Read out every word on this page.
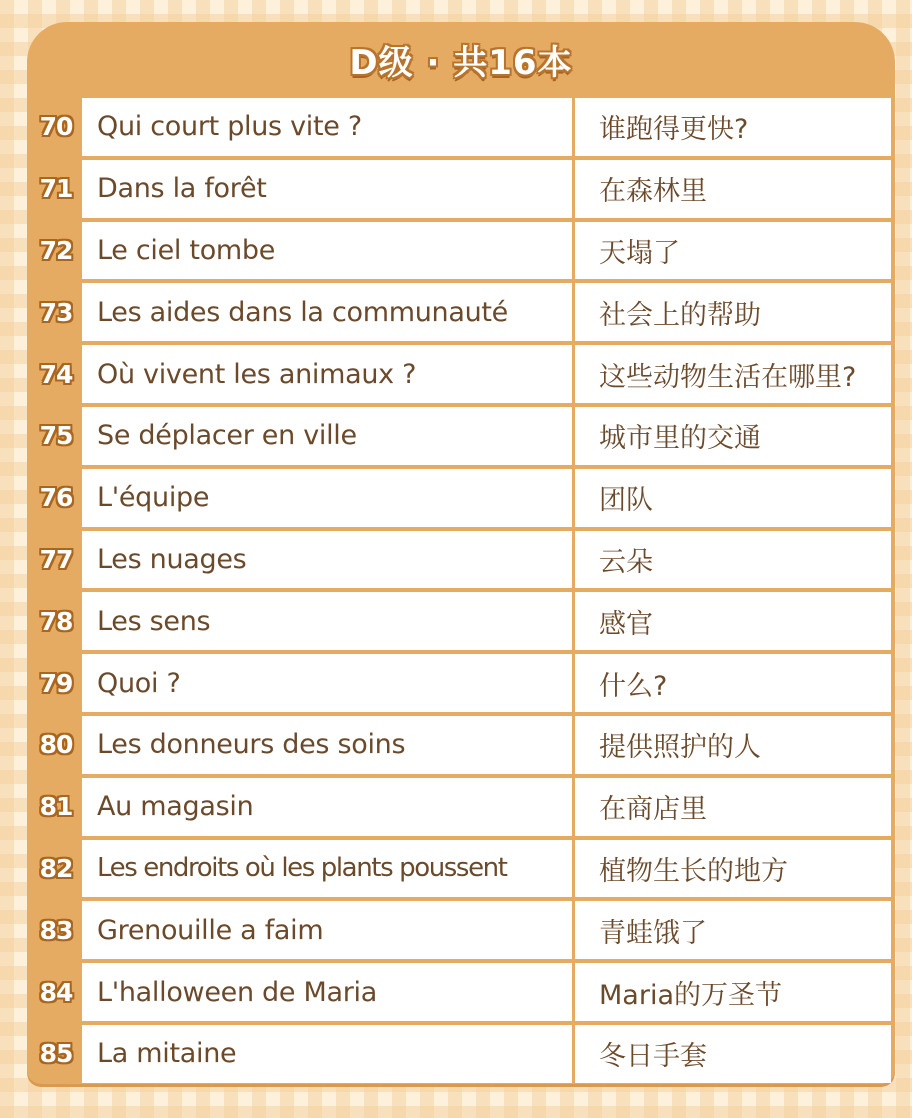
D级 · 共16本
70 Qui court plus vite ?	谁跑得更快?
71 Dans la forêt	在森林里
72 Le ciel tombe	天塌了
73 Les aides dans la communauté	社会上的帮助
74 Où vivent les animaux ?	这些动物生活在哪里?
75 Se déplacer en ville	城市里的交通
76 L'équipe	团队
77 Les nuages	云朵
78 Les sens	感官
79 Quoi ?	什么?
80 Les donneurs des soins	提供照护的人
81 Au magasin	在商店里
82 Les endroits où les plants poussent	植物生长的地方
83 Grenouille a faim	青蛙饿了
84 L'halloween de Maria	Maria的万圣节
85 La mitaine	冬日手套
